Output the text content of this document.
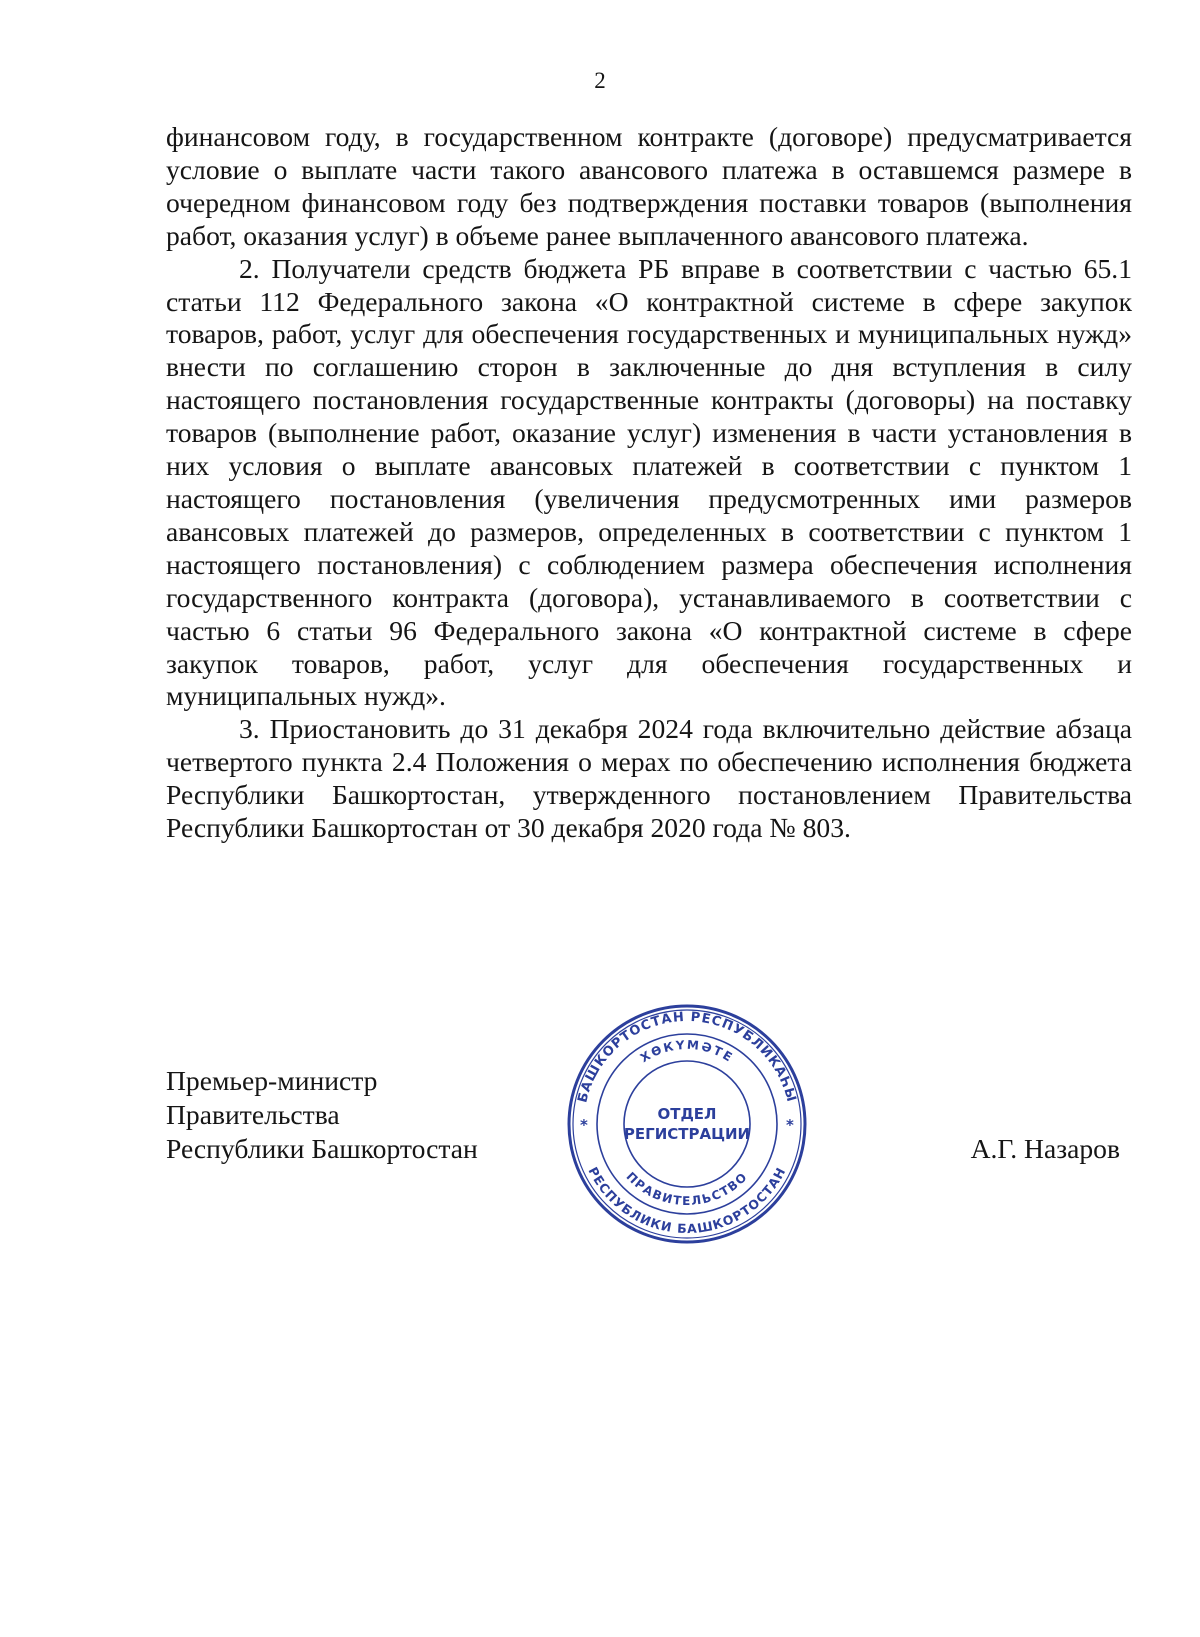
2

финансовом году, в государственном контракте (договоре) предусматривается условие о выплате части такого авансового платежа в оставшемся размере в очередном финансовом году без подтверждения поставки товаров (выполнения работ, оказания услуг) в объеме ранее выплаченного авансового платежа.

2. Получатели средств бюджета РБ вправе в соответствии с частью 65.1 статьи 112 Федерального закона «О контрактной системе в сфере закупок товаров, работ, услуг для обеспечения государственных и муниципальных нужд» внести по соглашению сторон в заключенные до дня вступления в силу настоящего постановления государственные контракты (договоры) на поставку товаров (выполнение работ, оказание услуг) изменения в части установления в них условия о выплате авансовых платежей в соответствии с пунктом 1 настоящего постановления (увеличения предусмотренных ими размеров авансовых платежей до размеров, определенных в соответствии с пунктом 1 настоящего постановления) с соблюдением размера обеспечения исполнения государственного контракта (договора), устанавливаемого в соответствии с частью 6 статьи 96 Федерального закона «О контрактной системе в сфере закупок товаров, работ, услуг для обеспечения государственных и муниципальных нужд».

3. Приостановить до 31 декабря 2024 года включительно действие абзаца четвертого пункта 2.4 Положения о мерах по обеспечению исполнения бюджета Республики Башкортостан, утвержденного постановлением Правительства Республики Башкортостан от 30 декабря 2020 года № 803.

Премьер-министр
Правительства
Республики Башкортостан	А.Г. Назаров
БАШКОРТОСТАН РЕСПУБЛИКАҺЫ
ХӨКҮМӘТЕ
ОТДЕЛ
РЕГИСТРАЦИИ
ПРАВИТЕЛЬСТВО
РЕСПУБЛИКИ БАШКОРТОСТАН
*	*
